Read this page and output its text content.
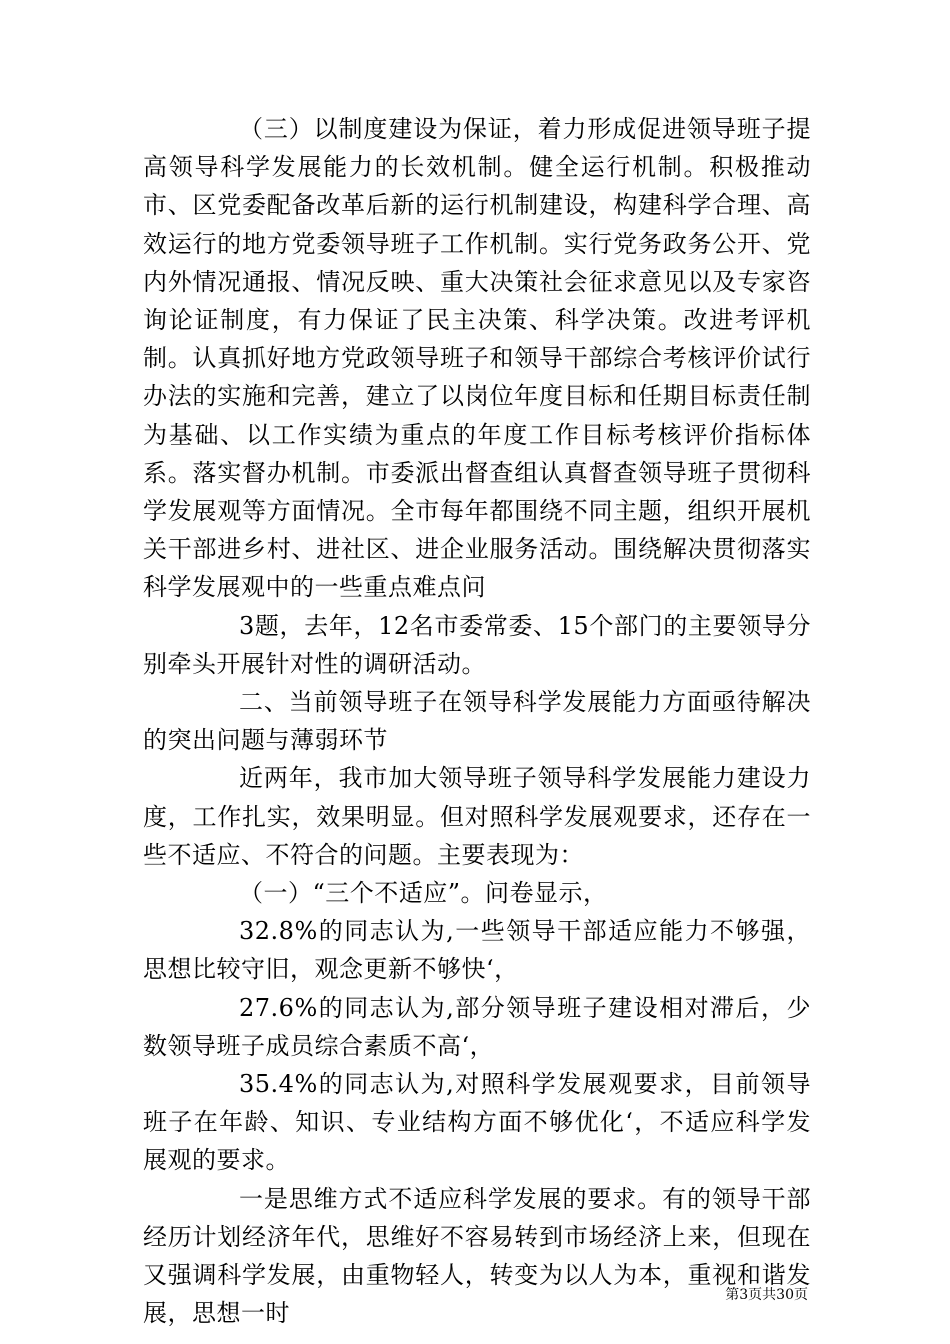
（三）以制度建设为保证，着力形成促进领导班子提高领导科学发展能力的长效机制。健全运行机制。积极推动市、区党委配备改革后新的运行机制建设，构建科学合理、高效运行的地方党委领导班子工作机制。实行党务政务公开、党内外情况通报、情况反映、重大决策社会征求意见以及专家咨询论证制度，有力保证了民主决策、科学决策。改进考评机制。认真抓好地方党政领导班子和领导干部综合考核评价试行办法的实施和完善，建立了以岗位年度目标和任期目标责任制为基础、以工作实绩为重点的年度工作目标考核评价指标体系。落实督办机制。市委派出督查组认真督查领导班子贯彻科学发展观等方面情况。全市每年都围绕不同主题，组织开展机关干部进乡村、进社区、进企业服务活动。围绕解决贯彻落实科学发展观中的一些重点难点问

3题，去年，12名市委常委、15个部门的主要领导分别牵头开展针对性的调研活动。

二、当前领导班子在领导科学发展能力方面亟待解决的突出问题与薄弱环节

近两年，我市加大领导班子领导科学发展能力建设力度，工作扎实，效果明显。但对照科学发展观要求，还存在一些不适应、不符合的问题。主要表现为：

（一）“三个不适应”。问卷显示，

32.8%的同志认为,一些领导干部适应能力不够强，思想比较守旧，观念更新不够快‘，

27.6%的同志认为,部分领导班子建设相对滞后，少数领导班子成员综合素质不高‘，

35.4%的同志认为,对照科学发展观要求，目前领导班子在年龄、知识、专业结构方面不够优化‘，不适应科学发展观的要求。

一是思维方式不适应科学发展的要求。有的领导干部经历计划经济年代，思维好不容易转到市场经济上来，但现在又强调科学发展，由重物轻人，转变为以人为本，重视和谐发展，思想一时

第3页共30页
